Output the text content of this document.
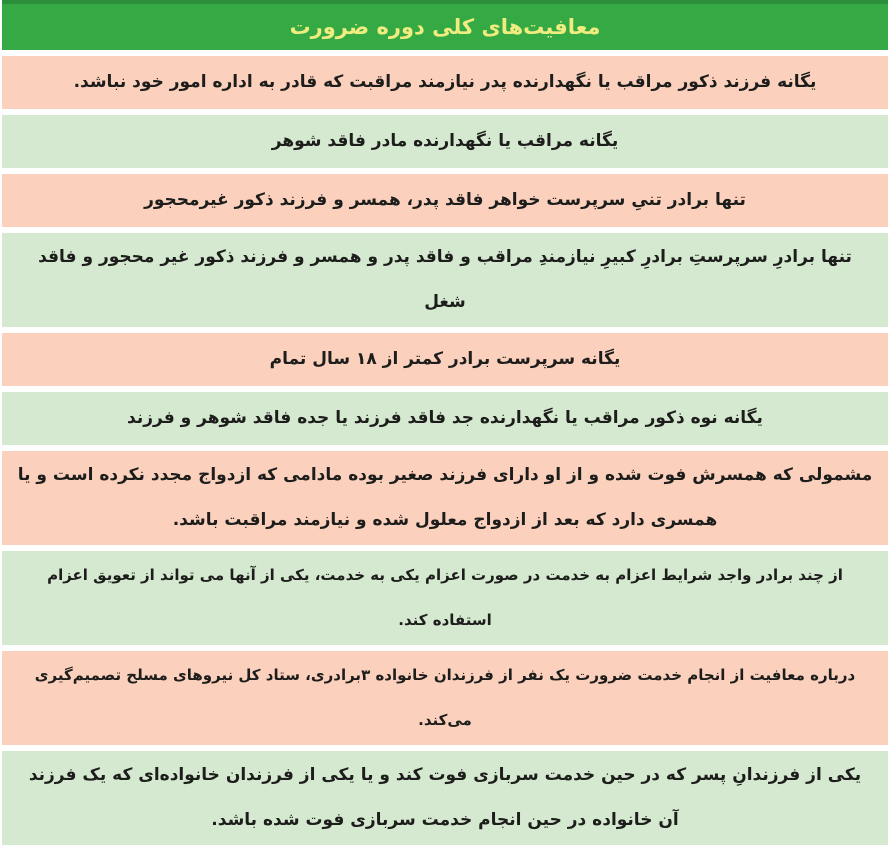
معافیت‌های کلی دوره ضرورت
یگانه فرزند ذکور مراقب یا نگهدارنده پدر نیازمند مراقبت که قادر به اداره امور خود نباشد.
یگانه مراقب یا نگهدارنده مادر فاقد شوهر
تنها برادر تنیِ سرپرست خواهر فاقد پدر، همسر و فرزند ذکور غیرمحجور
تنها برادرِ سرپرستِ برادرِ کبیرِ نیازمندِ مراقب و فاقد پدر و همسر و فرزند ذکور غیر محجور و فاقد شغل
یگانه سرپرست برادر کمتر از ۱۸ سال تمام
یگانه نوه ذکور مراقب یا نگهدارنده جد فاقد فرزند یا جده فاقد شوهر و فرزند
مشمولی که همسرش فوت شده و از او دارای فرزند صغیر بوده مادامی که ازدواج مجدد نکرده است و یا همسری دارد که بعد از ازدواج معلول شده و نیازمند مراقبت باشد.
از چند برادر واجد شرایط اعزام به خدمت در صورت اعزام یکی به خدمت، یکی از آنها می تواند از تعویق اعزام استفاده کند.
درباره معافیت از انجام خدمت ضرورت یک نفر از فرزندان خانواده ۳برادری، ستاد کل نیروهای مسلح تصمیم‌گیری می‌کند.
یکی از فرزندانِ پسر که در حین خدمت سربازی فوت کند و یا یکی از فرزندان خانواده‌ای که یک فرزند آن خانواده در حین انجام خدمت سربازی فوت شده باشد.
